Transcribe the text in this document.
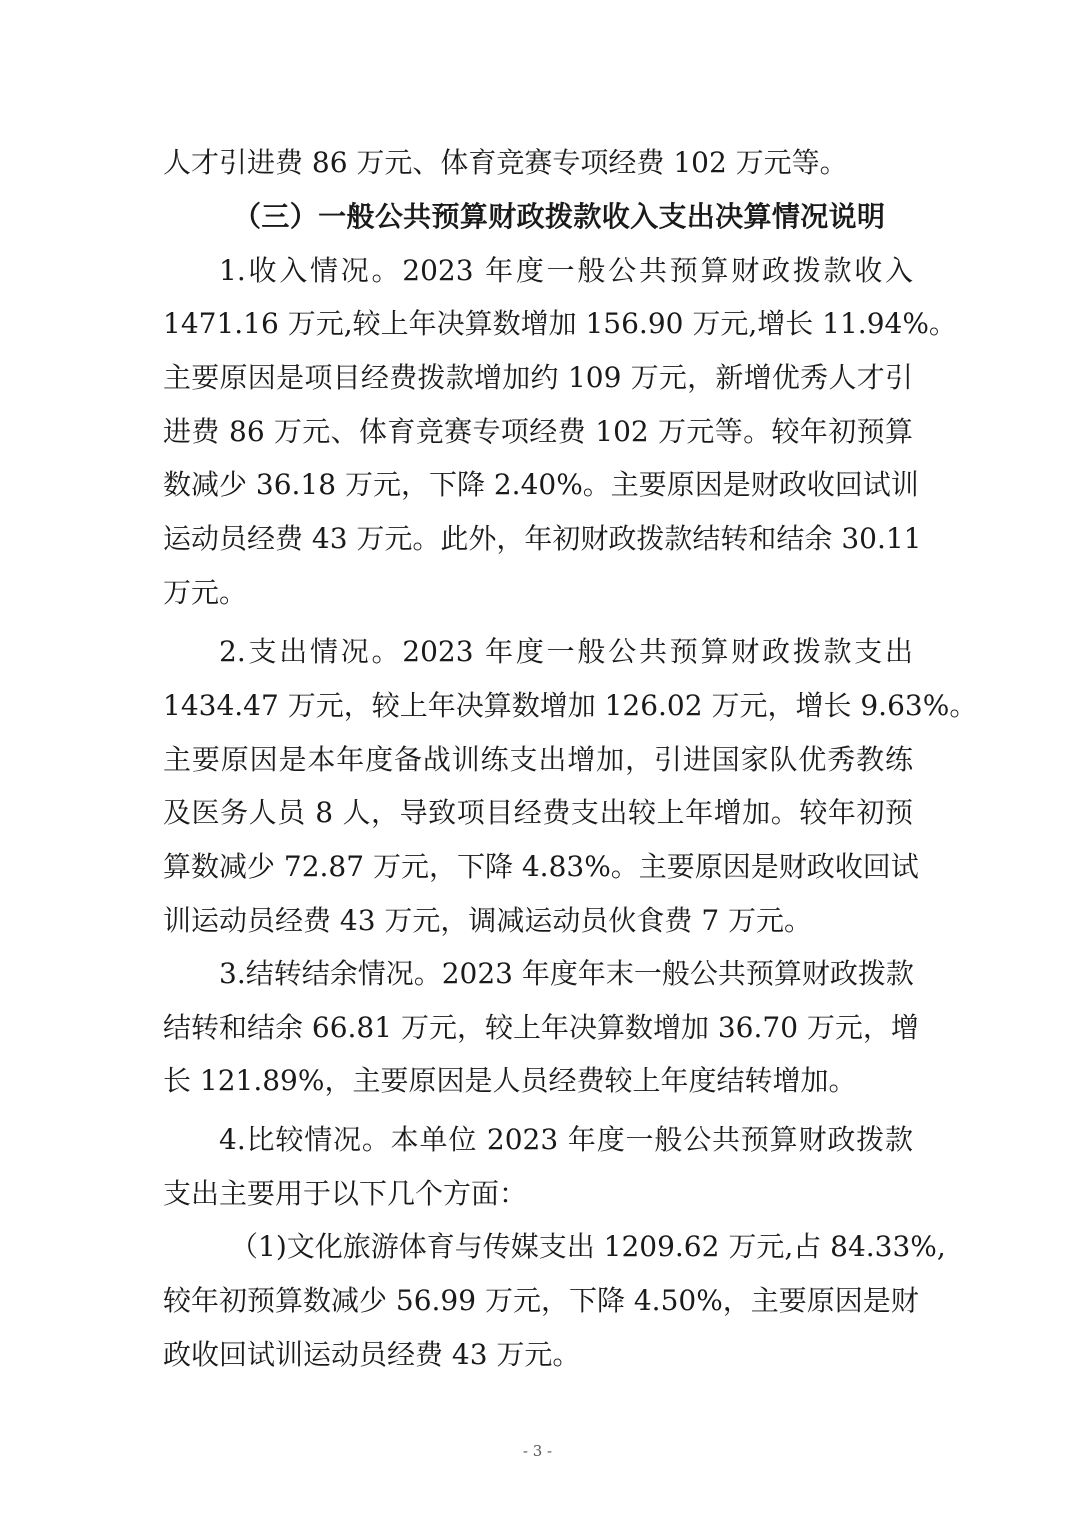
人才引进费 86 万元、体育竞赛专项经费 102 万元等。
（三）一般公共预算财政拨款收入支出决算情况说明
1.收入情况。2023 年度一般公共预算财政拨款收入
1471.16 万元,较上年决算数增加 156.90 万元,增长 11.94%。
主要原因是项目经费拨款增加约 109 万元，新增优秀人才引
进费 86 万元、体育竞赛专项经费 102 万元等。较年初预算
数减少 36.18 万元，下降 2.40%。主要原因是财政收回试训
运动员经费 43 万元。此外，年初财政拨款结转和结余 30.11
万元。
2.支出情况。2023 年度一般公共预算财政拨款支出
1434.47 万元，较上年决算数增加 126.02 万元，增长 9.63%。
主要原因是本年度备战训练支出增加，引进国家队优秀教练
及医务人员 8 人，导致项目经费支出较上年增加。较年初预
算数减少 72.87 万元，下降 4.83%。主要原因是财政收回试
训运动员经费 43 万元，调减运动员伙食费 7 万元。
3.结转结余情况。2023 年度年末一般公共预算财政拨款
结转和结余 66.81 万元，较上年决算数增加 36.70 万元，增
长 121.89%，主要原因是人员经费较上年度结转增加。
4.比较情况。本单位 2023 年度一般公共预算财政拨款
支出主要用于以下几个方面：
（1)文化旅游体育与传媒支出 1209.62 万元,占 84.33%,
较年初预算数减少 56.99 万元，下降 4.50%，主要原因是财
政收回试训运动员经费 43 万元。
- 3 -
